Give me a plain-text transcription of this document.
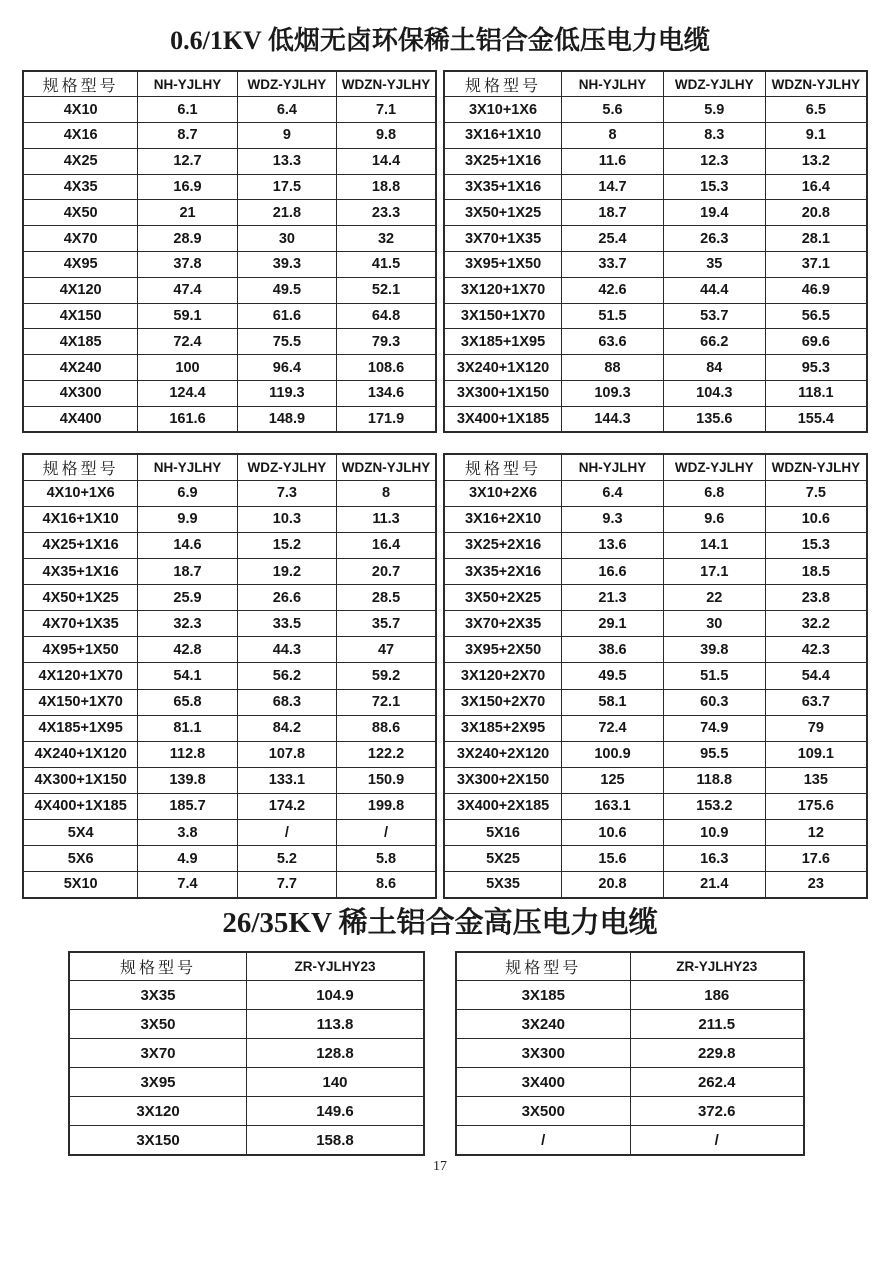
0.6/1KV 低烟无卤环保稀土铝合金低压电力电缆
规格型号	NH-YJLHY	WDZ-YJLHY	WDZN-YJLHY
4X10	6.1	6.4	7.1
4X16	8.7	9	9.8
4X25	12.7	13.3	14.4
4X35	16.9	17.5	18.8
4X50	21	21.8	23.3
4X70	28.9	30	32
4X95	37.8	39.3	41.5
4X120	47.4	49.5	52.1
4X150	59.1	61.6	64.8
4X185	72.4	75.5	79.3
4X240	100	96.4	108.6
4X300	124.4	119.3	134.6
4X400	161.6	148.9	171.9
规格型号	NH-YJLHY	WDZ-YJLHY	WDZN-YJLHY
3X10+1X6	5.6	5.9	6.5
3X16+1X10	8	8.3	9.1
3X25+1X16	11.6	12.3	13.2
3X35+1X16	14.7	15.3	16.4
3X50+1X25	18.7	19.4	20.8
3X70+1X35	25.4	26.3	28.1
3X95+1X50	33.7	35	37.1
3X120+1X70	42.6	44.4	46.9
3X150+1X70	51.5	53.7	56.5
3X185+1X95	63.6	66.2	69.6
3X240+1X120	88	84	95.3
3X300+1X150	109.3	104.3	118.1
3X400+1X185	144.3	135.6	155.4
规格型号	NH-YJLHY	WDZ-YJLHY	WDZN-YJLHY
4X10+1X6	6.9	7.3	8
4X16+1X10	9.9	10.3	11.3
4X25+1X16	14.6	15.2	16.4
4X35+1X16	18.7	19.2	20.7
4X50+1X25	25.9	26.6	28.5
4X70+1X35	32.3	33.5	35.7
4X95+1X50	42.8	44.3	47
4X120+1X70	54.1	56.2	59.2
4X150+1X70	65.8	68.3	72.1
4X185+1X95	81.1	84.2	88.6
4X240+1X120	112.8	107.8	122.2
4X300+1X150	139.8	133.1	150.9
4X400+1X185	185.7	174.2	199.8
5X4	3.8	/	/
5X6	4.9	5.2	5.8
5X10	7.4	7.7	8.6
规格型号	NH-YJLHY	WDZ-YJLHY	WDZN-YJLHY
3X10+2X6	6.4	6.8	7.5
3X16+2X10	9.3	9.6	10.6
3X25+2X16	13.6	14.1	15.3
3X35+2X16	16.6	17.1	18.5
3X50+2X25	21.3	22	23.8
3X70+2X35	29.1	30	32.2
3X95+2X50	38.6	39.8	42.3
3X120+2X70	49.5	51.5	54.4
3X150+2X70	58.1	60.3	63.7
3X185+2X95	72.4	74.9	79
3X240+2X120	100.9	95.5	109.1
3X300+2X150	125	118.8	135
3X400+2X185	163.1	153.2	175.6
5X16	10.6	10.9	12
5X25	15.6	16.3	17.6
5X35	20.8	21.4	23
26/35KV 稀土铝合金高压电力电缆
规格型号	ZR-YJLHY23
3X35	104.9
3X50	113.8
3X70	128.8
3X95	140
3X120	149.6
3X150	158.8
规格型号	ZR-YJLHY23
3X185	186
3X240	211.5
3X300	229.8
3X400	262.4
3X500	372.6
/	/
17
